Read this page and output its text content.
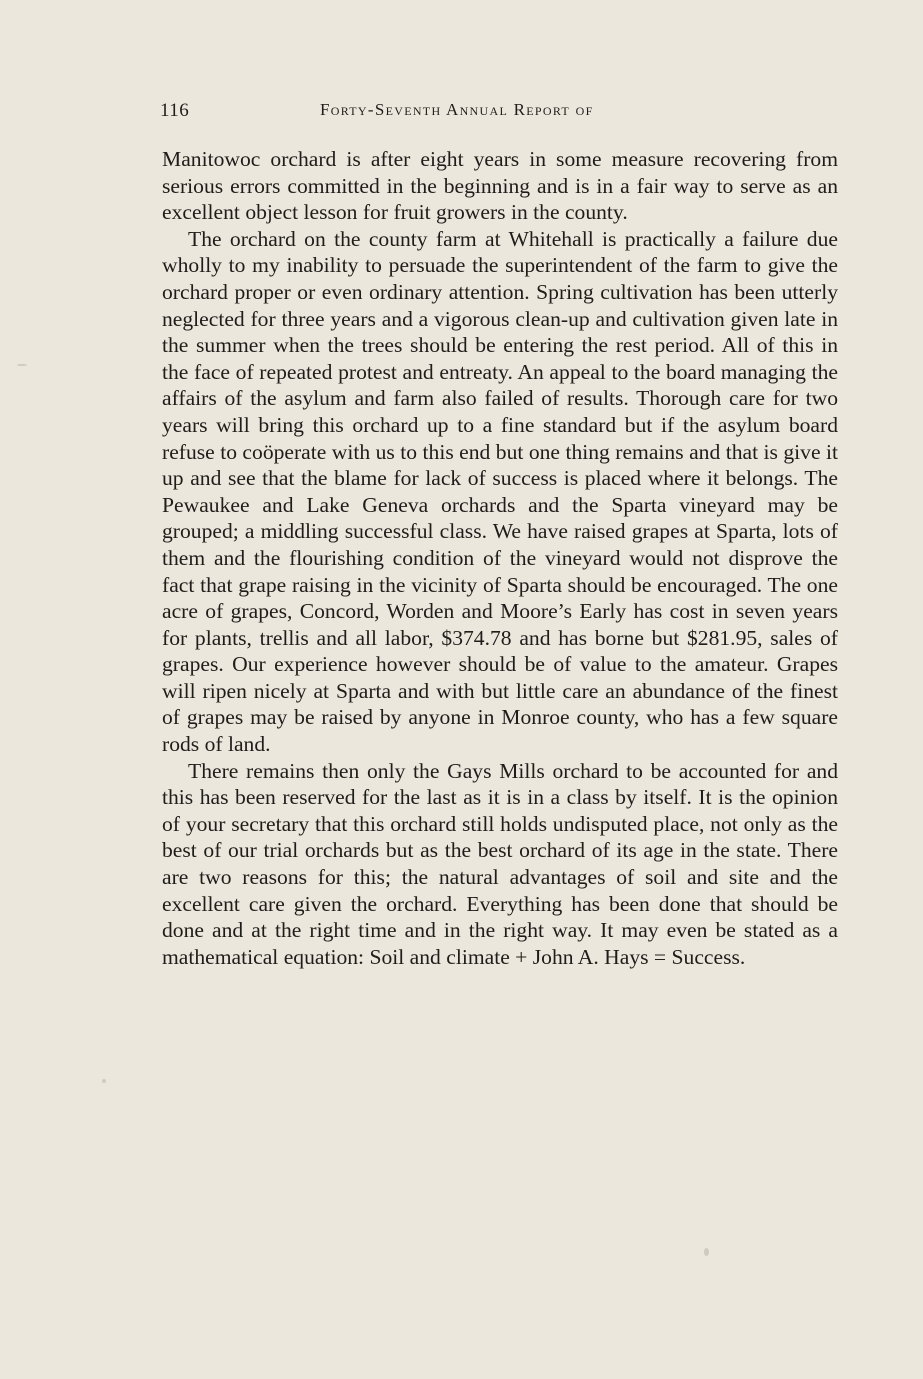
116	Forty-Seventh Annual Report of

Manitowoc orchard is after eight years in some measure recovering from serious errors committed in the beginning and is in a fair way to serve as an excellent object lesson for fruit growers in the county.

The orchard on the county farm at Whitehall is practically a failure due wholly to my inability to persuade the superintendent of the farm to give the orchard proper or even ordinary attention. Spring cultivation has been utterly neglected for three years and a vigorous clean-up and cultivation given late in the summer when the trees should be entering the rest period. All of this in the face of repeated protest and entreaty. An appeal to the board managing the affairs of the asylum and farm also failed of results. Thorough care for two years will bring this orchard up to a fine standard but if the asylum board refuse to coöperate with us to this end but one thing remains and that is give it up and see that the blame for lack of success is placed where it belongs. The Pewaukee and Lake Geneva orchards and the Sparta vineyard may be grouped; a middling successful class. We have raised grapes at Sparta, lots of them and the flourishing condition of the vineyard would not disprove the fact that grape raising in the vicinity of Sparta should be encouraged. The one acre of grapes, Concord, Worden and Moore’s Early has cost in seven years for plants, trellis and all labor, $374.78 and has borne but $281.95, sales of grapes. Our experience however should be of value to the amateur. Grapes will ripen nicely at Sparta and with but little care an abundance of the finest of grapes may be raised by anyone in Monroe county, who has a few square rods of land.

There remains then only the Gays Mills orchard to be accounted for and this has been reserved for the last as it is in a class by itself. It is the opinion of your secretary that this orchard still holds undisputed place, not only as the best of our trial orchards but as the best orchard of its age in the state. There are two reasons for this; the natural advantages of soil and site and the excellent care given the orchard. Everything has been done that should be done and at the right time and in the right way. It may even be stated as a mathematical equation: Soil and climate + John A. Hays = Success.
